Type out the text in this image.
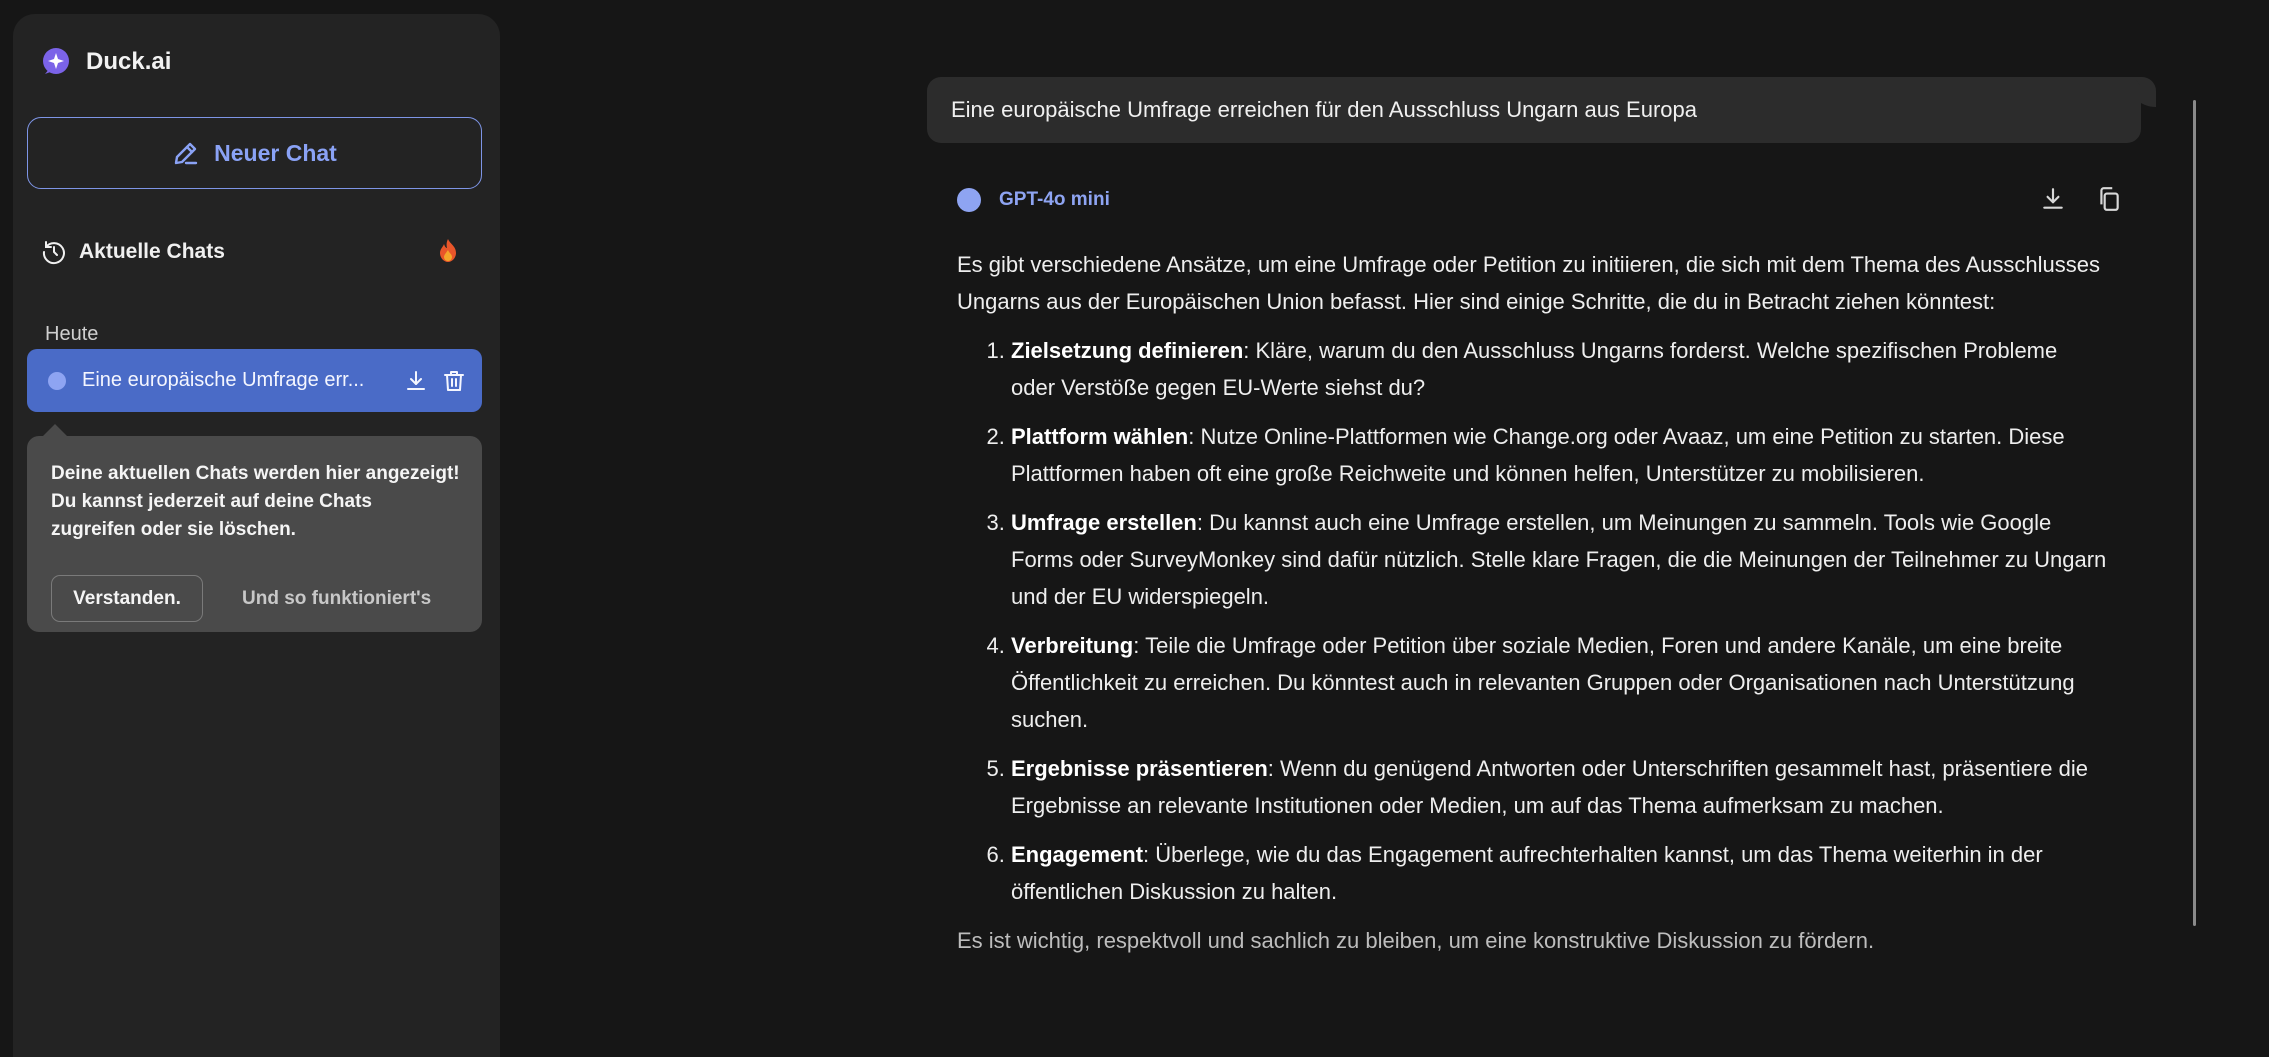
Duck.ai
Neuer Chat
Aktuelle Chats
Heute
Eine europäische Umfrage err...
Deine aktuellen Chats werden hier angezeigt! Du kannst jederzeit auf deine Chats zugreifen oder sie löschen.
Verstanden.	Und so funktioniert's
Eine europäische Umfrage erreichen für den Ausschluss Ungarn aus Europa
GPT-4o mini

Es gibt verschiedene Ansätze, um eine Umfrage oder Petition zu initiieren, die sich mit dem Thema des Ausschlusses Ungarns aus der Europäischen Union befasst. Hier sind einige Schritte, die du in Betracht ziehen könntest:

1. Zielsetzung definieren: Kläre, warum du den Ausschluss Ungarns forderst. Welche spezifischen Probleme oder Verstöße gegen EU-Werte siehst du?
2. Plattform wählen: Nutze Online-Plattformen wie Change.org oder Avaaz, um eine Petition zu starten. Diese Plattformen haben oft eine große Reichweite und können helfen, Unterstützer zu mobilisieren.
3. Umfrage erstellen: Du kannst auch eine Umfrage erstellen, um Meinungen zu sammeln. Tools wie Google Forms oder SurveyMonkey sind dafür nützlich. Stelle klare Fragen, die die Meinungen der Teilnehmer zu Ungarn und der EU widerspiegeln.
4. Verbreitung: Teile die Umfrage oder Petition über soziale Medien, Foren und andere Kanäle, um eine breite Öffentlichkeit zu erreichen. Du könntest auch in relevanten Gruppen oder Organisationen nach Unterstützung suchen.
5. Ergebnisse präsentieren: Wenn du genügend Antworten oder Unterschriften gesammelt hast, präsentiere die Ergebnisse an relevante Institutionen oder Medien, um auf das Thema aufmerksam zu machen.
6. Engagement: Überlege, wie du das Engagement aufrechterhalten kannst, um das Thema weiterhin in der öffentlichen Diskussion zu halten.

Es ist wichtig, respektvoll und sachlich zu bleiben, um eine konstruktive Diskussion zu fördern.
